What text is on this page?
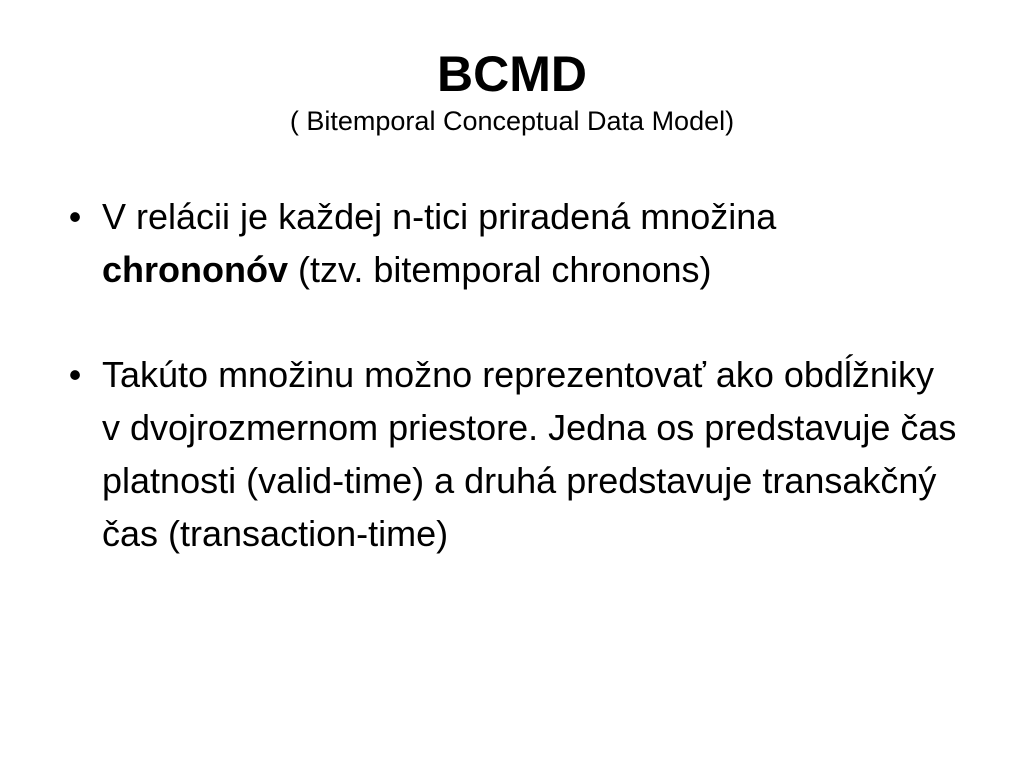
BCMD
( Bitemporal Conceptual Data Model)
• V relácii je každej n-tici priradená množina chrononóv (tzv. bitemporal chronons)
• Takúto množinu možno reprezentovať ako obdĺžniky v dvojrozmernom priestore. Jedna os predstavuje čas platnosti (valid-time) a druhá predstavuje transakčný čas (transaction-time)
